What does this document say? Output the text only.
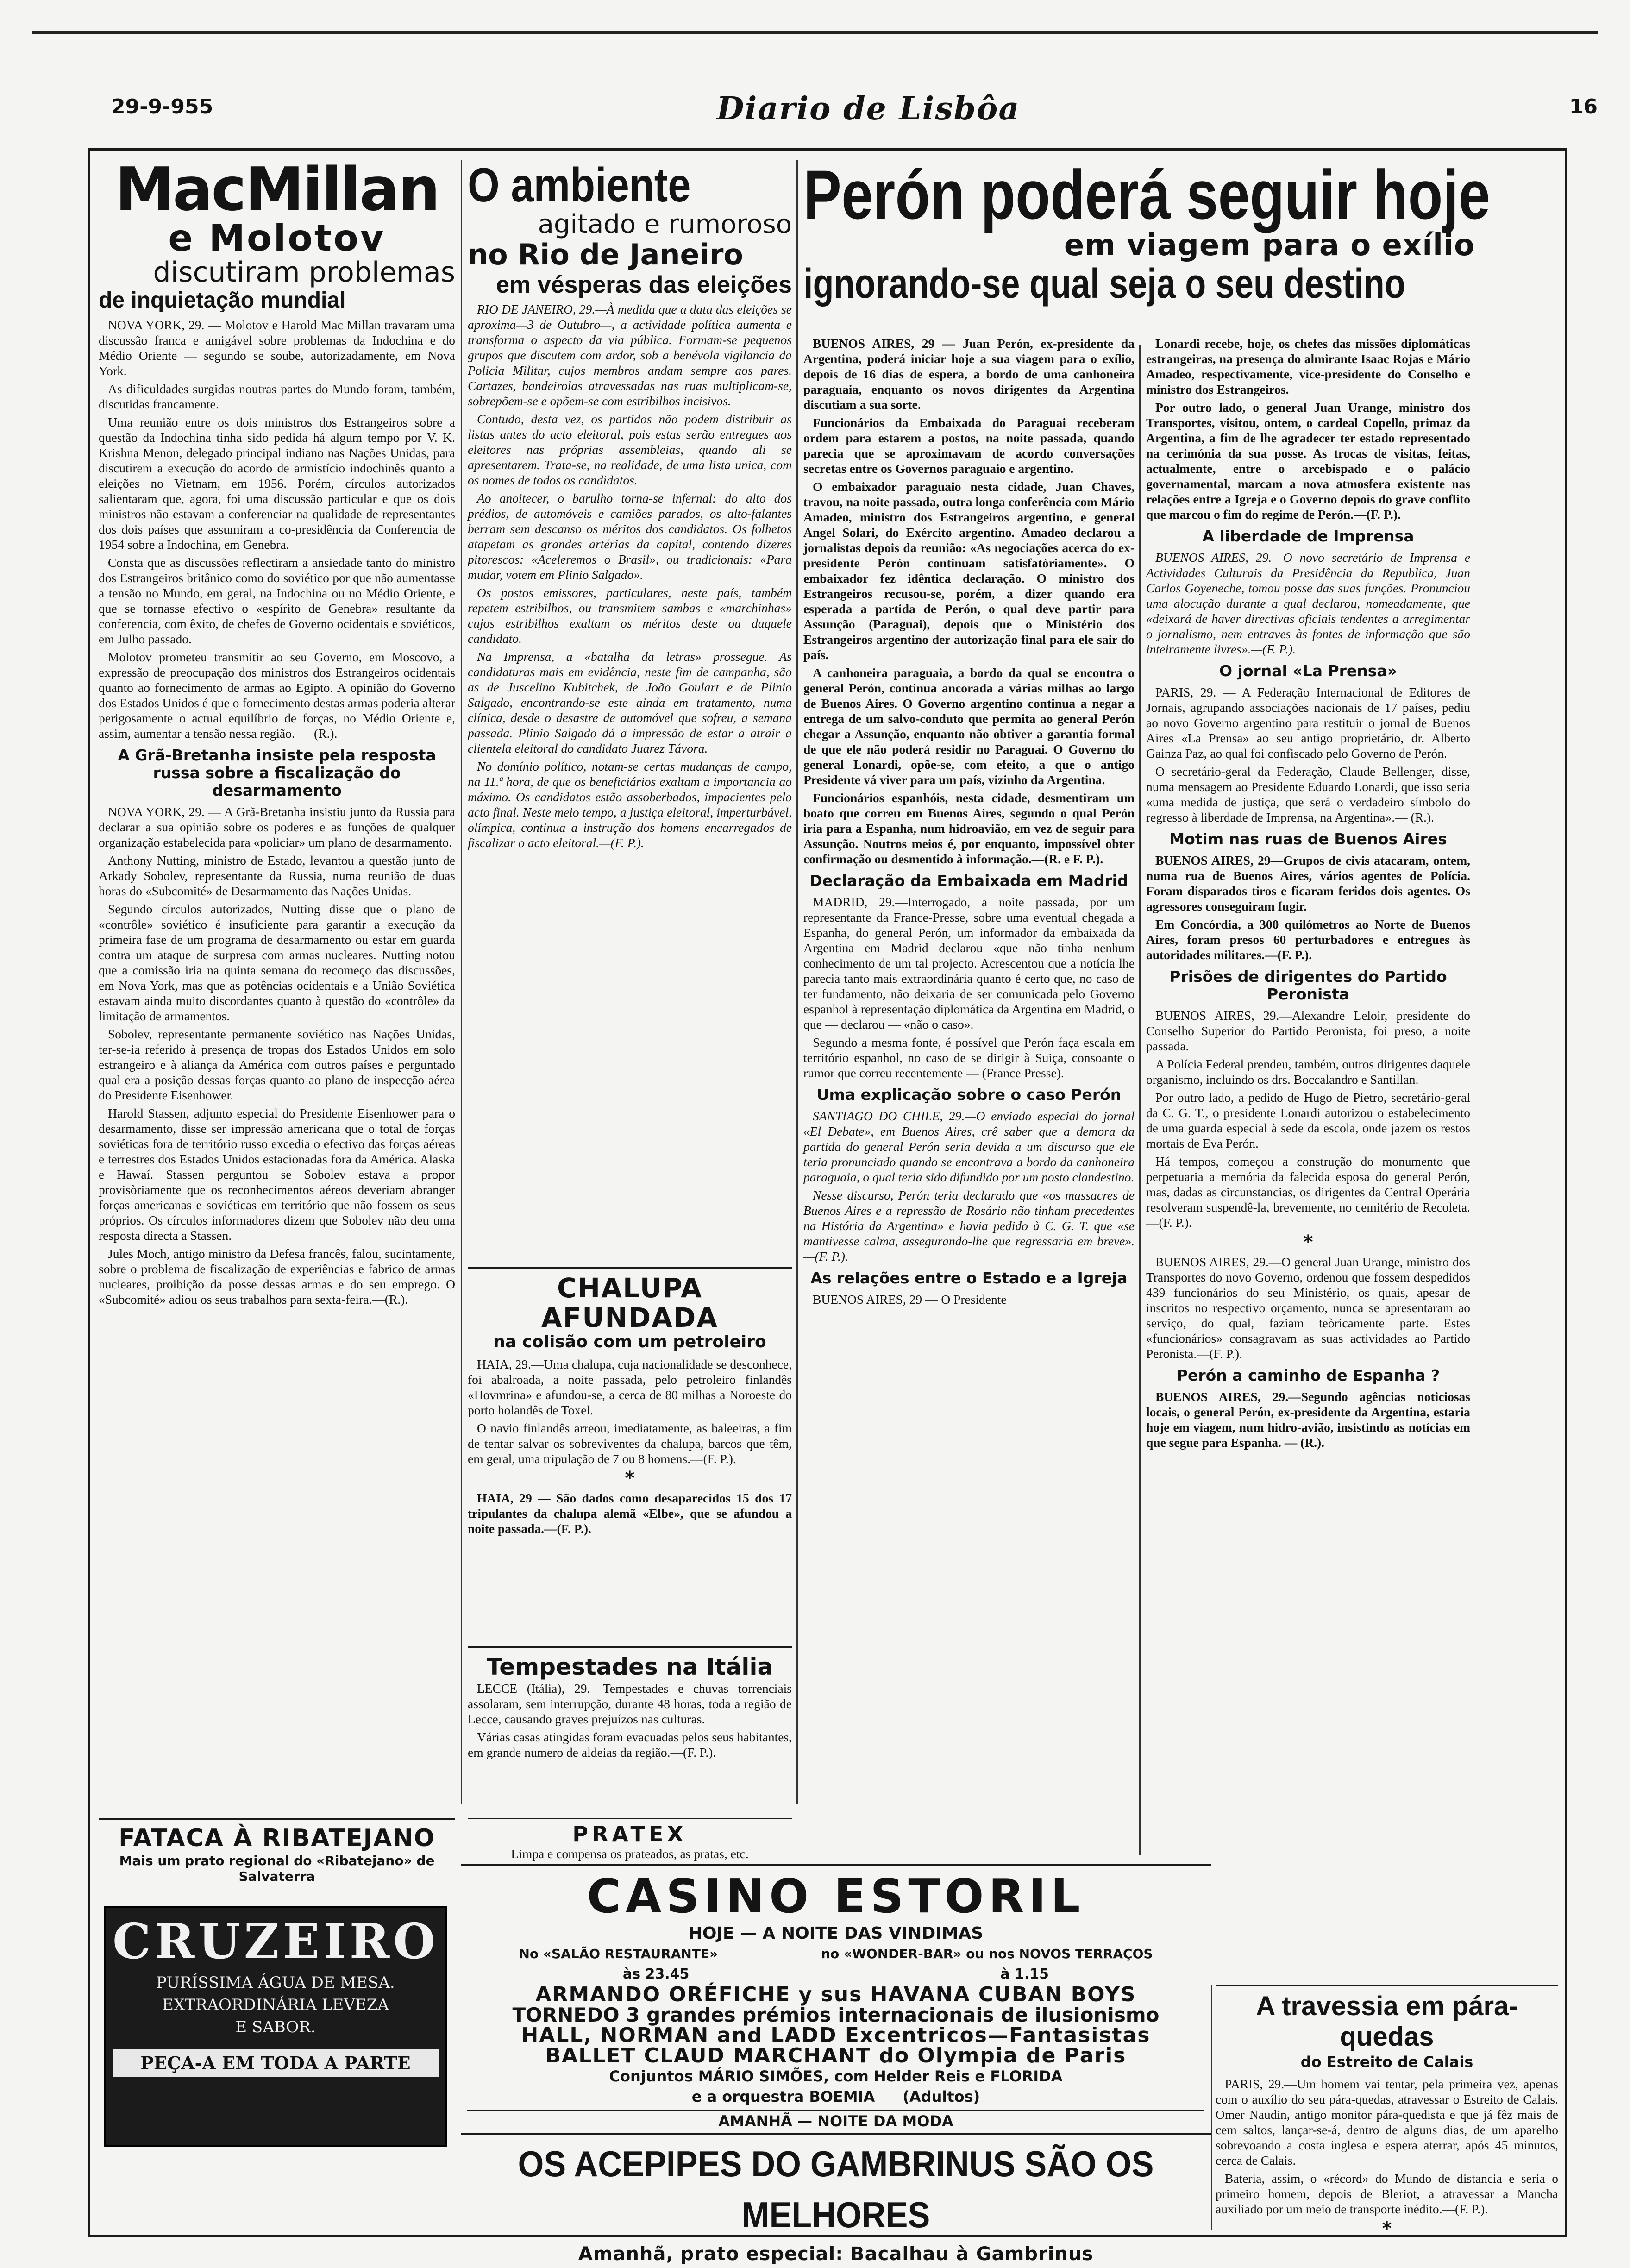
29-9-955	Diario de Lisbôa	16
MacMillan
e Molotov
discutiram problemas
de inquietação mundial

NOVA YORK, 29. — Molotov e Harold Mac Millan travaram uma discussão franca e amigável sobre problemas da Indochina e do Médio Oriente — segundo se soube, autorizadamente, em Nova York.

As dificuldades surgidas noutras partes do Mundo foram, também, discutidas francamente.

Uma reunião entre os dois ministros dos Estrangeiros sobre a questão da Indochina tinha sido pedida há algum tempo por V. K. Krishna Menon, delegado principal indiano nas Nações Unidas, para discutirem a execução do acordo de armistício indochinês quanto a eleições no Vietnam, em 1956. Porém, círculos autorizados salientaram que, agora, foi uma discussão particular e que os dois ministros não estavam a conferenciar na qualidade de representantes dos dois países que assumiram a co-presidência da Conferencia de 1954 sobre a Indochina, em Genebra.

Consta que as discussões reflectiram a ansiedade tanto do ministro dos Estrangeiros britânico como do soviético por que não aumentasse a tensão no Mundo, em geral, na Indochina ou no Médio Oriente, e que se tornasse efectivo o «espírito de Genebra» resultante da conferencia, com êxito, de chefes de Governo ocidentais e soviéticos, em Julho passado.

Molotov prometeu transmitir ao seu Governo, em Moscovo, a expressão de preocupação dos ministros dos Estrangeiros ocidentais quanto ao fornecimento de armas ao Egipto. A opinião do Governo dos Estados Unidos é que o fornecimento destas armas poderia alterar perigosamente o actual equilíbrio de forças, no Médio Oriente e, assim, aumentar a tensão nessa região. — (R.).

A Grã-Bretanha insiste pela resposta russa sobre a fiscalização do desarmamento

NOVA YORK, 29. — A Grã-Bretanha insistiu junto da Russia para declarar a sua opinião sobre os poderes e as funções de qualquer organização estabelecida para «policiar» um plano de desarmamento.

Anthony Nutting, ministro de Estado, levantou a questão junto de Arkady Sobolev, representante da Russia, numa reunião de duas horas do «Subcomité» de Desarmamento das Nações Unidas.

Segundo círculos autorizados, Nutting disse que o plano de «contrôle» soviético é insuficiente para garantir a execução da primeira fase de um programa de desarmamento ou estar em guarda contra um ataque de surpresa com armas nucleares. Nutting notou que a comissão iria na quinta semana do recomeço das discussões, em Nova York, mas que as potências ocidentais e a União Soviética estavam ainda muito discordantes quanto à questão do «contrôle» da limitação de armamentos.

Sobolev, representante permanente soviético nas Nações Unidas, ter-se-ia referido à presença de tropas dos Estados Unidos em solo estrangeiro e à aliança da América com outros países e perguntado qual era a posição dessas forças quanto ao plano de inspecção aérea do Presidente Eisenhower.

Harold Stassen, adjunto especial do Presidente Eisenhower para o desarmamento, disse ser impressão americana que o total de forças soviéticas fora de território russo excedia o efectivo das forças aéreas e terrestres dos Estados Unidos estacionadas fora da América. Alaska e Hawaí. Stassen perguntou se Sobolev estava a propor provisòriamente que os reconhecimentos aéreos deveriam abranger forças americanas e soviéticas em território que não fossem os seus próprios. Os círculos informadores dizem que Sobolev não deu uma resposta directa a Stassen.

Jules Moch, antigo ministro da Defesa francês, falou, sucintamente, sobre o problema de fiscalização de experiências e fabrico de armas nucleares, proibição da posse dessas armas e do seu emprego. O «Subcomité» adiou os seus trabalhos para sexta-feira.—(R.).

FATACA À RIBATEJANO
Mais um prato regional do «Ribatejano» de Salvaterra
CRUZEIRO
PURÍSSIMA ÁGUA DE MESA.
EXTRAORDINÁRIA LEVEZA
E SABOR.
PEÇA-A EM TODA A PARTE
O ambiente
agitado e rumoroso
no Rio de Janeiro
em vésperas das eleições

RIO DE JANEIRO, 29.—À medida que a data das eleições se aproxima—3 de Outubro—, a actividade política aumenta e transforma o aspecto da via pública. Formam-se pequenos grupos que discutem com ardor, sob a benévola vigilancia da Policia Militar, cujos membros andam sempre aos pares. Cartazes, bandeirolas atravessadas nas ruas multiplicam-se, sobrepõem-se e opõem-se com estribilhos incisivos.

Contudo, desta vez, os partidos não podem distribuir as listas antes do acto eleitoral, pois estas serão entregues aos eleitores nas próprias assembleias, quando ali se apresentarem. Trata-se, na realidade, de uma lista unica, com os nomes de todos os candidatos.

Ao anoitecer, o barulho torna-se infernal: do alto dos prédios, de automóveis e camiões parados, os alto-falantes berram sem descanso os méritos dos candidatos. Os folhetos atapetam as grandes artérias da capital, contendo dizeres pitorescos: «Aceleremos o Brasil», ou tradicionais: «Para mudar, votem em Plinio Salgado».

Os postos emissores, particulares, neste país, também repetem estribilhos, ou transmitem sambas e «marchinhas» cujos estribilhos exaltam os méritos deste ou daquele candidato.

Na Imprensa, a «batalha da letras» prossegue. As candidaturas mais em evidência, neste fim de campanha, são as de Juscelino Kubitchek, de João Goulart e de Plinio Salgado, encontrando-se este ainda em tratamento, numa clínica, desde o desastre de automóvel que sofreu, a semana passada. Plinio Salgado dá a impressão de estar a atrair a clientela eleitoral do candidato Juarez Távora.

No domínio político, notam-se certas mudanças de campo, na 11.ª hora, de que os beneficiários exaltam a importancia ao máximo. Os candidatos estão assoberbados, impacientes pelo acto final. Neste meio tempo, a justiça eleitoral, imperturbável, olímpica, continua a instrução dos homens encarregados de fiscalizar o acto eleitoral.—(F. P.).

CHALUPA AFUNDADA
na colisão com um petroleiro

HAIA, 29.—Uma chalupa, cuja nacionalidade se desconhece, foi abalroada, a noite passada, pelo petroleiro finlandês «Hovmrina» e afundou-se, a cerca de 80 milhas a Noroeste do porto holandês de Toxel.

O navio finlandês arreou, imediatamente, as baleeiras, a fim de tentar salvar os sobreviventes da chalupa, barcos que têm, em geral, uma tripulação de 7 ou 8 homens.—(F. P.).

*

HAIA, 29 — São dados como desaparecidos 15 dos 17 tripulantes da chalupa alemã «Elbe», que se afundou a noite passada.—(F. P.).

Tempestades na Itália

LECCE (Itália), 29.—Tempestades e chuvas torrenciais assolaram, sem interrupção, durante 48 horas, toda a região de Lecce, causando graves prejuízos nas culturas.

Várias casas atingidas foram evacuadas pelos seus habitantes, em grande numero de aldeias da região.—(F. P.).

PRATEX

Limpa e compensa os prateados, as pratas, etc.

Perón poderá seguir hoje
em viagem para o exílio
ignorando-se qual seja o seu destino

BUENOS AIRES, 29 — Juan Perón, ex-presidente da Argentina, poderá iniciar hoje a sua viagem para o exílio, depois de 16 dias de espera, a bordo de uma canhoneira paraguaia, enquanto os novos dirigentes da Argentina discutiam a sua sorte.

Funcionários da Embaixada do Paraguai receberam ordem para estarem a postos, na noite passada, quando parecia que se aproximavam de acordo conversações secretas entre os Governos paraguaio e argentino.

O embaixador paraguaio nesta cidade, Juan Chaves, travou, na noite passada, outra longa conferência com Mário Amadeo, ministro dos Estrangeiros argentino, e general Angel Solari, do Exército argentino. Amadeo declarou a jornalistas depois da reunião: «As negociações acerca do ex-presidente Perón continuam satisfatòriamente». O embaixador fez idêntica declaração. O ministro dos Estrangeiros recusou-se, porém, a dizer quando era esperada a partida de Perón, o qual deve partir para Assunção (Paraguai), depois que o Ministério dos Estrangeiros argentino der autorização final para ele sair do país.

A canhoneira paraguaia, a bordo da qual se encontra o general Perón, continua ancorada a várias milhas ao largo de Buenos Aires. O Governo argentino continua a negar a entrega de um salvo-conduto que permita ao general Perón chegar a Assunção, enquanto não obtiver a garantia formal de que ele não poderá residir no Paraguai. O Governo do general Lonardi, opõe-se, com efeito, a que o antigo Presidente vá viver para um país, vizinho da Argentina.

Funcionários espanhóis, nesta cidade, desmentiram um boato que correu em Buenos Aires, segundo o qual Perón iria para a Espanha, num hidroavião, em vez de seguir para Assunção. Noutros meios é, por enquanto, impossível obter confirmação ou desmentido à informação.—(R. e F. P.).

Declaração da Embaixada em Madrid

MADRID, 29.—Interrogado, a noite passada, por um representante da France-Presse, sobre uma eventual chegada a Espanha, do general Perón, um informador da embaixada da Argentina em Madrid declarou «que não tinha nenhum conhecimento de um tal projecto. Acrescentou que a notícia lhe parecia tanto mais extraordinária quanto é certo que, no caso de ter fundamento, não deixaria de ser comunicada pelo Governo espanhol à representação diplomática da Argentina em Madrid, o que — declarou — «não o caso».

Segundo a mesma fonte, é possível que Perón faça escala em território espanhol, no caso de se dirigir à Suiça, consoante o rumor que correu recentemente — (France Presse).

Uma explicação sobre o caso Perón

SANTIAGO DO CHILE, 29.—O enviado especial do jornal «El Debate», em Buenos Aires, crê saber que a demora da partida do general Perón seria devida a um discurso que ele teria pronunciado quando se encontrava a bordo da canhoneira paraguaia, o qual teria sido difundido por um posto clandestino.

Nesse discurso, Perón teria declarado que «os massacres de Buenos Aires e a repressão de Rosário não tinham precedentes na História da Argentina» e havia pedido à C. G. T. que «se mantivesse calma, assegurando-lhe que regressaria em breve».—(F. P.).

As relações entre o Estado e a Igreja

BUENOS AIRES, 29 — O Presidente

Lonardi recebe, hoje, os chefes das missões diplomáticas estrangeiras, na presença do almirante Isaac Rojas e Mário Amadeo, respectivamente, vice-presidente do Conselho e ministro dos Estrangeiros.

Por outro lado, o general Juan Urange, ministro dos Transportes, visitou, ontem, o cardeal Copello, primaz da Argentina, a fim de lhe agradecer ter estado representado na cerimónia da sua posse. As trocas de visitas, feitas, actualmente, entre o arcebispado e o palácio governamental, marcam a nova atmosfera existente nas relações entre a Igreja e o Governo depois do grave conflito que marcou o fim do regime de Perón.—(F. P.).

A liberdade de Imprensa

BUENOS AIRES, 29.—O novo secretário de Imprensa e Actividades Culturais da Presidência da Republica, Juan Carlos Goyeneche, tomou posse das suas funções. Pronunciou uma alocução durante a qual declarou, nomeadamente, que «deixará de haver directivas oficiais tendentes a arregimentar o jornalismo, nem entraves às fontes de informação que são inteiramente livres».—(F. P.).

O jornal «La Prensa»

PARIS, 29. — A Federação Internacional de Editores de Jornais, agrupando associações nacionais de 17 países, pediu ao novo Governo argentino para restituir o jornal de Buenos Aires «La Prensa» ao seu antigo proprietário, dr. Alberto Gainza Paz, ao qual foi confiscado pelo Governo de Perón.

O secretário-geral da Federação, Claude Bellenger, disse, numa mensagem ao Presidente Eduardo Lonardi, que isso seria «uma medida de justiça, que será o verdadeiro símbolo do regresso à liberdade de Imprensa, na Argentina».— (R.).

Motim nas ruas de Buenos Aires

BUENOS AIRES, 29—Grupos de civis atacaram, ontem, numa rua de Buenos Aires, vários agentes de Polícia. Foram disparados tiros e ficaram feridos dois agentes. Os agressores conseguiram fugir.

Em Concórdia, a 300 quilómetros ao Norte de Buenos Aires, foram presos 60 perturbadores e entregues às autoridades militares.—(F. P.).

Prisões de dirigentes do Partido Peronista

BUENOS AIRES, 29.—Alexandre Leloir, presidente do Conselho Superior do Partido Peronista, foi preso, a noite passada.

A Polícia Federal prendeu, também, outros dirigentes daquele organismo, incluindo os drs. Boccalandro e Santillan.

Por outro lado, a pedido de Hugo de Pietro, secretário-geral da C. G. T., o presidente Lonardi autorizou o estabelecimento de uma guarda especial à sede da escola, onde jazem os restos mortais de Eva Perón.

Há tempos, começou a construção do monumento que perpetuaria a memória da falecida esposa do general Perón, mas, dadas as circunstancias, os dirigentes da Central Operária resolveram suspendê-la, brevemente, no cemitério de Recoleta.—(F. P.).

*

BUENOS AIRES, 29.—O general Juan Urange, ministro dos Transportes do novo Governo, ordenou que fossem despedidos 439 funcionários do seu Ministério, os quais, apesar de inscritos no respectivo orçamento, nunca se apresentaram ao serviço, do qual, faziam teòricamente parte. Estes «funcionários» consagravam as suas actividades ao Partido Peronista.—(F. P.).

Perón a caminho de Espanha ?

BUENOS AIRES, 29.—Segundo agências noticiosas locais, o general Perón, ex-presidente da Argentina, estaria hoje em viagem, num hidro-avião, insistindo as notícias em que segue para Espanha. — (R.).

CASINO ESTORIL
HOJE — A NOITE DAS VINDIMAS
No «SALÃO RESTAURANTE»	no «WONDER-BAR» ou nos NOVOS TERRAÇOS
às 23.45	à 1.15
ARMANDO ORÉFICHE y sus HAVANA CUBAN BOYS
TORNEDO 3 grandes prémios internacionais de ilusionismo
HALL, NORMAN and LADD Excentricos—Fantasistas
BALLET CLAUD MARCHANT do Olympia de Paris
Conjuntos MÁRIO SIMÕES, com Helder Reis e FLORIDA
e a orquestra BOEMIA (Adultos)
AMANHÃ — NOITE DA MODA
OS ACEPIPES DO GAMBRINUS SÃO OS MELHORES
Amanhã, prato especial: Bacalhau à Gambrinus
A travessia em pára-quedas
do Estreito de Calais

PARIS, 29.—Um homem vai tentar, pela primeira vez, apenas com o auxílio do seu pára-quedas, atravessar o Estreito de Calais. Omer Naudin, antigo monitor pára-quedista e que já fêz mais de cem saltos, lançar-se-á, dentro de alguns dias, de um aparelho sobrevoando a costa inglesa e espera aterrar, após 45 minutos, cerca de Calais.

Bateria, assim, o «récord» do Mundo de distancia e seria o primeiro homem, depois de Bleriot, a atravessar a Mancha auxiliado por um meio de transporte inédito.—(F. P.).

*
